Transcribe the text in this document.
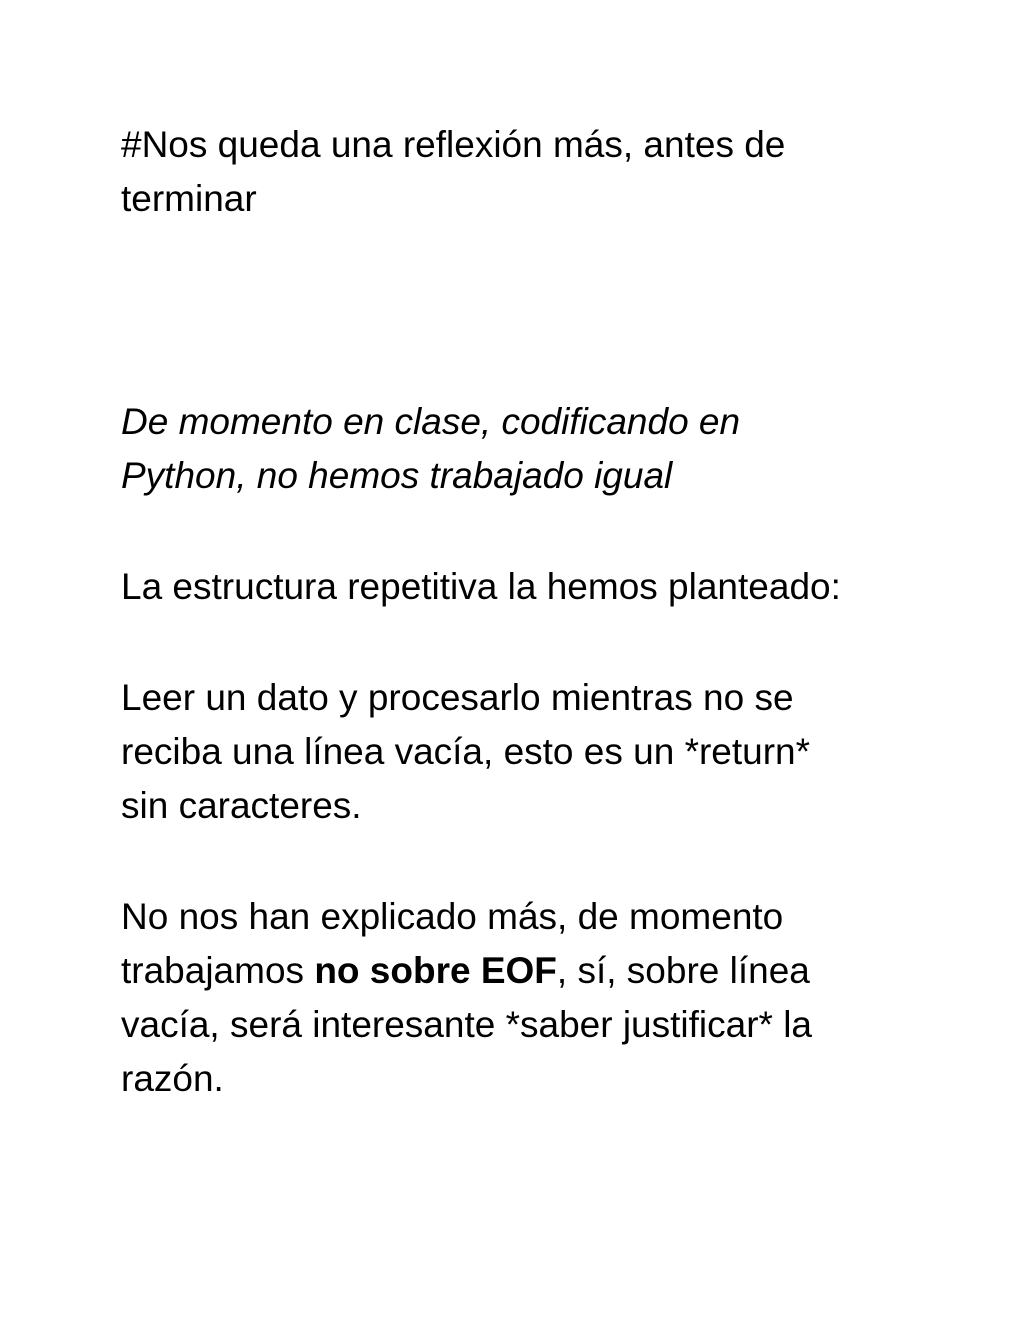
#Nos queda una reflexión más, antes de
terminar

De momento en clase, codificando en
Python, no hemos trabajado igual

La estructura repetitiva la hemos planteado:

Leer un dato y procesarlo mientras no se
reciba una línea vacía, esto es un *return*
sin caracteres.

No nos han explicado más, de momento
trabajamos no sobre EOF, sí, sobre línea
vacía, será interesante *saber justificar* la
razón.
